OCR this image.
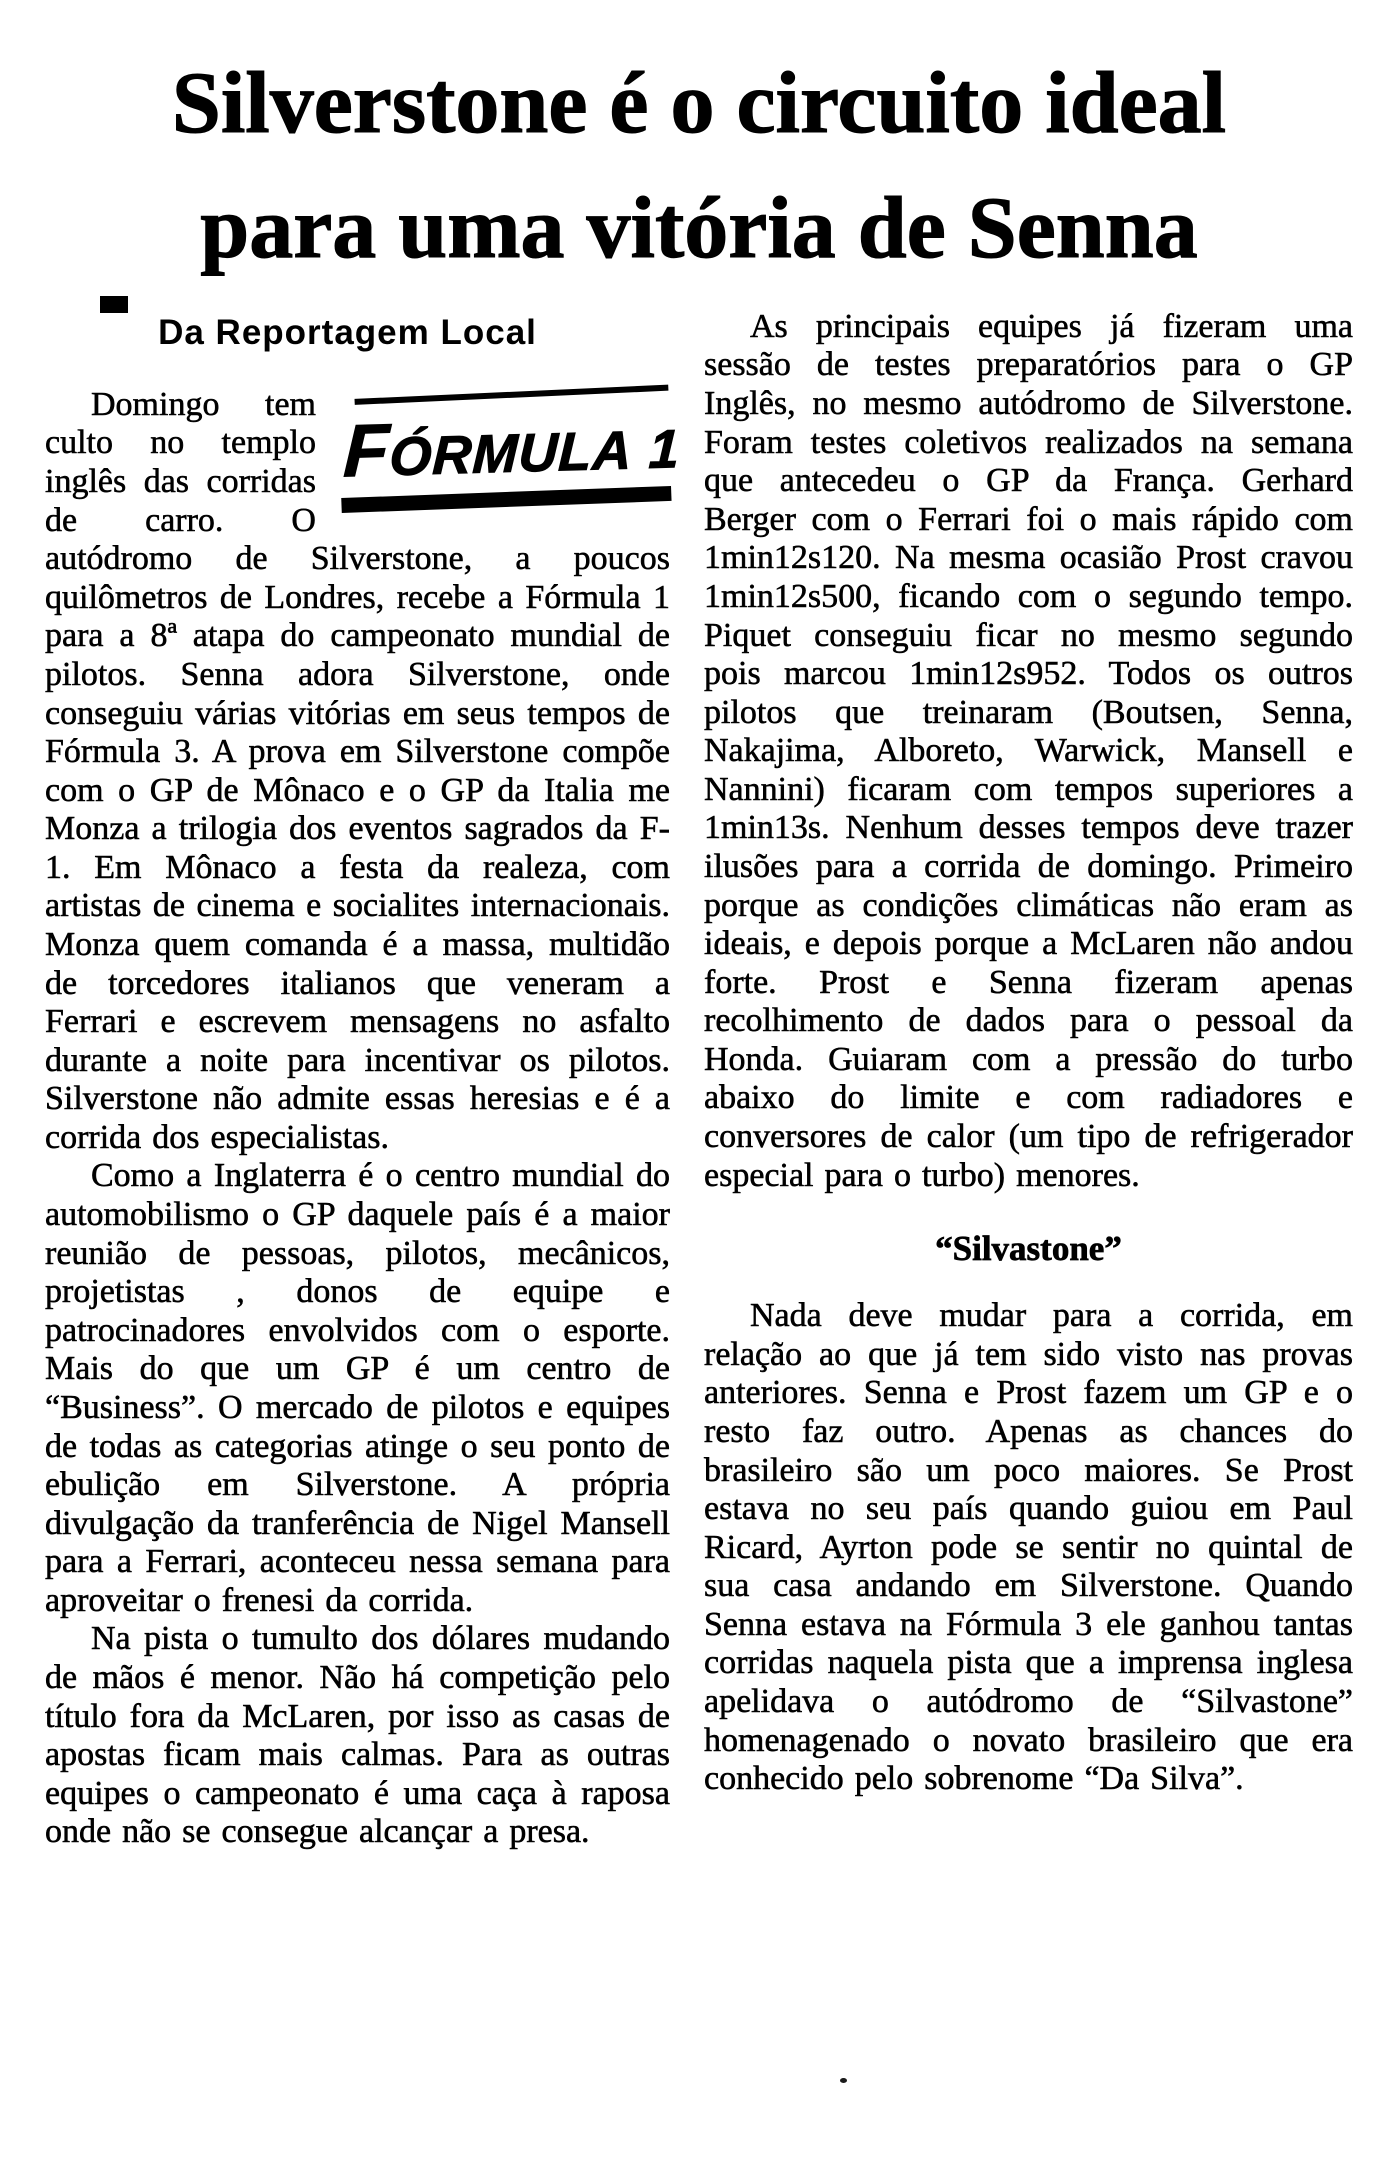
Silverstone é o circuito ideal
para uma vitória de Senna
Da Reportagem Local

FÓRMULA 1
Domingo tem culto no templo inglês das corridas de carro. O autódromo de Silverstone, a poucos quilômetros de Londres, recebe a Fórmula 1 para a 8ª atapa do campeonato mundial de pilotos. Senna adora Silverstone, onde conseguiu várias vitórias em seus tempos de Fórmula 3. A prova em Silverstone compõe com o GP de Mônaco e o GP da Italia me Monza a trilogia dos eventos sagrados da F-1. Em Mônaco a festa da realeza, com artistas de cinema e socialites internacionais. Monza quem comanda é a massa, multidão de torcedores italianos que veneram a Ferrari e escrevem mensagens no asfalto durante a noite para incentivar os pilotos. Silverstone não admite essas heresias e é a corrida dos especialistas.

Como a Inglaterra é o centro mundial do automobilismo o GP daquele país é a maior reunião de pessoas, pilotos, mecânicos, projetistas , donos de equipe e patrocinadores envolvidos com o esporte. Mais do que um GP é um centro de “Business”. O mercado de pilotos e equipes de todas as categorias atinge o seu ponto de ebulição em Silverstone. A própria divulgação da tranferência de Nigel Mansell para a Ferrari, aconteceu nessa semana para aproveitar o frenesi da corrida.

Na pista o tumulto dos dólares mudando de mãos é menor. Não há competição pelo título fora da McLaren, por isso as casas de apostas ficam mais calmas. Para as outras equipes o campeonato é uma caça à raposa onde não se consegue alcançar a presa.

As principais equipes já fizeram uma sessão de testes preparatórios para o GP Inglês, no mesmo autódromo de Silverstone. Foram testes coletivos realizados na semana que antecedeu o GP da França. Gerhard Berger com o Ferrari foi o mais rápido com 1min12s120. Na mesma ocasião Prost cravou 1min12s500, ficando com o segundo tempo. Piquet conseguiu ficar no mesmo segundo pois marcou 1min12s952. Todos os outros pilotos que treinaram (Boutsen, Senna, Nakajima, Alboreto, Warwick, Mansell e Nannini) ficaram com tempos superiores a 1min13s. Nenhum desses tempos deve trazer ilusões para a corrida de domingo. Primeiro porque as condições climáticas não eram as ideais, e depois porque a McLaren não andou forte. Prost e Senna fizeram apenas recolhimento de dados para o pessoal da Honda. Guiaram com a pressão do turbo abaixo do limite e com radiadores e conversores de calor (um tipo de refrigerador especial para o turbo) menores.

“Silvastone”

Nada deve mudar para a corrida, em relação ao que já tem sido visto nas provas anteriores. Senna e Prost fazem um GP e o resto faz outro. Apenas as chances do brasileiro são um poco maiores. Se Prost estava no seu país quando guiou em Paul Ricard, Ayrton pode se sentir no quintal de sua casa andando em Silverstone. Quando Senna estava na Fórmula 3 ele ganhou tantas corridas naquela pista que a imprensa inglesa apelidava o autódromo de “Silvastone” homenagenado o novato brasileiro que era conhecido pelo sobrenome “Da Silva”.
